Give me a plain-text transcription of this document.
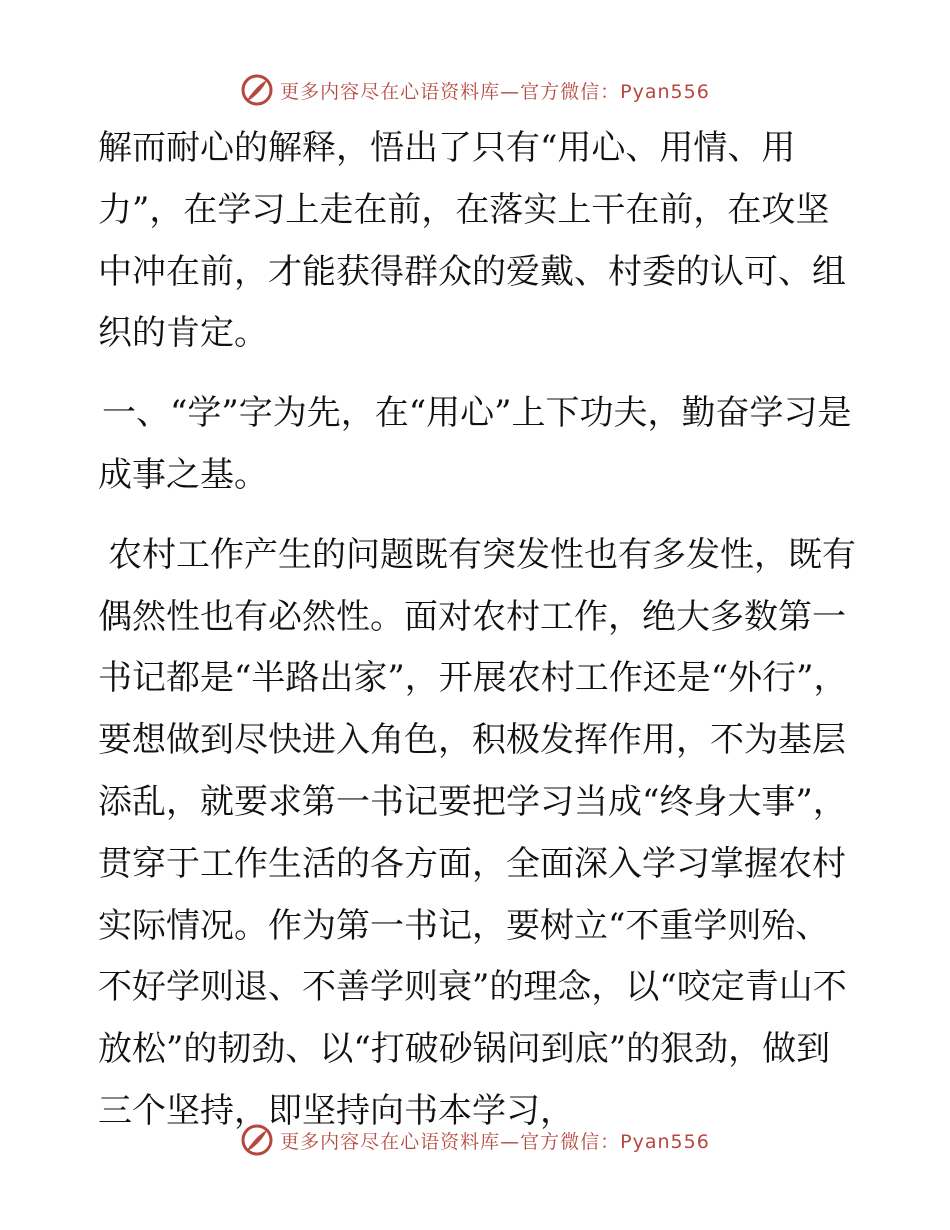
更多内容尽在心语资料库—官方微信：Pyan556

解而耐心的解释，悟出了只有“用心、用情、用力”，在学习上走在前，在落实上干在前，在攻坚中冲在前，才能获得群众的爱戴、村委的认可、组织的肯定。

一、“学”字为先，在“用心”上下功夫，勤奋学习是成事之基。

农村工作产生的问题既有突发性也有多发性，既有偶然性也有必然性。面对农村工作，绝大多数第一书记都是“半路出家”，开展农村工作还是“外行”，要想做到尽快进入角色，积极发挥作用，不为基层添乱，就要求第一书记要把学习当成“终身大事”，贯穿于工作生活的各方面，全面深入学习掌握农村实际情况。作为第一书记，要树立“不重学则殆、不好学则退、不善学则衰”的理念，以“咬定青山不放松”的韧劲、以“打破砂锅问到底”的狠劲，做到三个坚持，即坚持向书本学习，

更多内容尽在心语资料库—官方微信：Pyan556
